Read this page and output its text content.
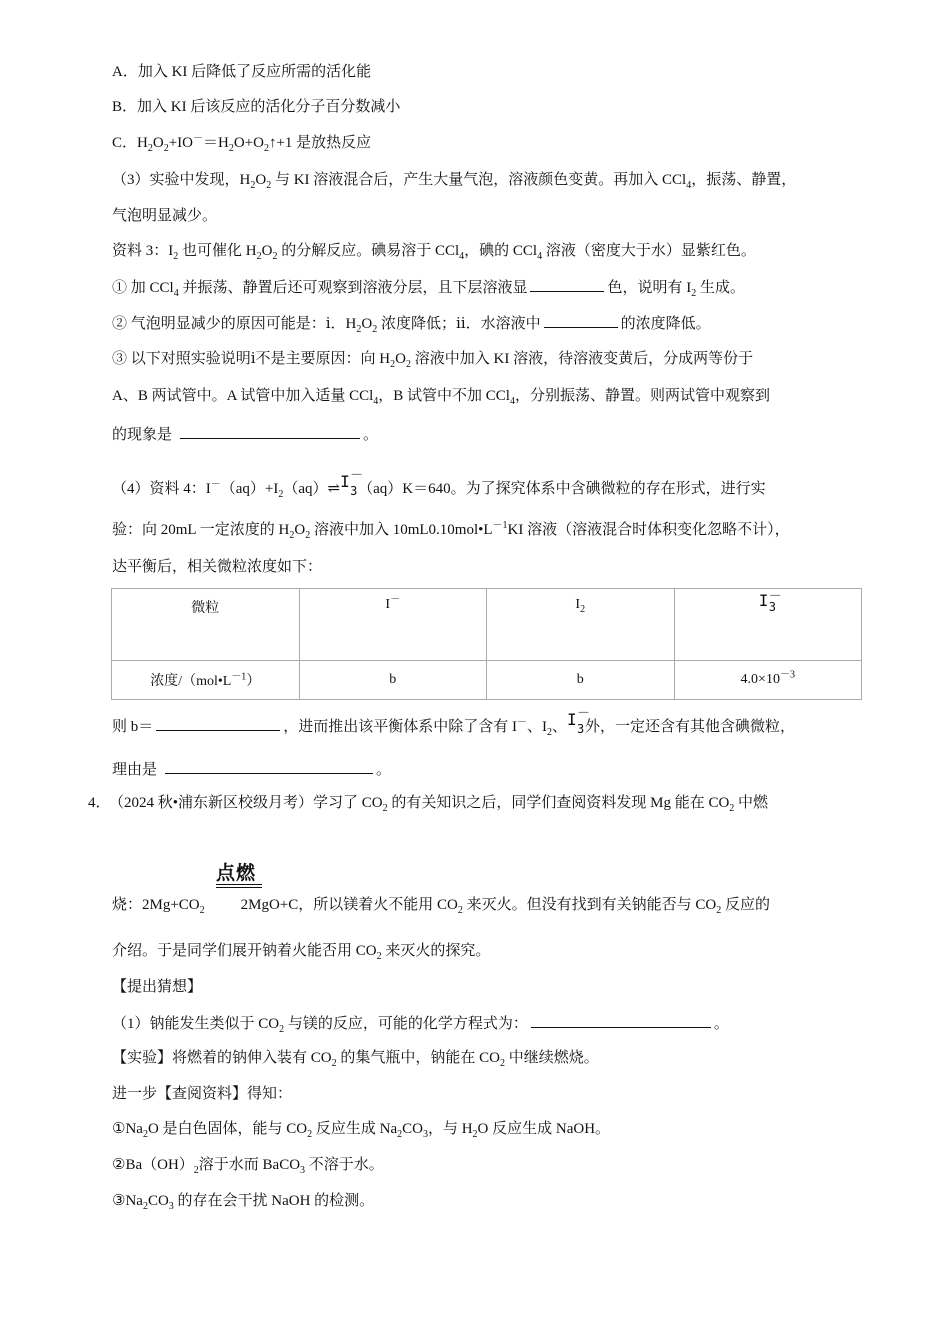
A．加入 KI 后降低了反应所需的活化能
B．加入 KI 后该反应的活化分子百分数减小
C．$H_2O_2+IO^-=H_2O+O_2↑+1$ 是放热反应
（3）实验中发现，$H_2O_2$ 与 KI 溶液混合后，产生大量气泡，溶液颜色变黄。再加入 CCl$_4$，振荡、静置，
气泡明显减少。
资料 3：$I_2$ 也可催化 $H_2O_2$ 的分解反应。碘易溶于 CCl$_4$，碘的 CCl$_4$ 溶液（密度大于水）显紫红色。
① 加 CCl$_4$ 并振荡、静置后还可观察到溶液分层，且下层溶液显	色，说明有 $I_2$ 生成。
② 气泡明显减少的原因可能是：ⅰ．$H_2O_2$ 浓度降低；ⅱ．水溶液中	的浓度降低。
③ 以下对照实验说明ⅰ不是主要原因：向 $H_2O_2$ 溶液中加入 KI 溶液，待溶液变黄后，分成两等份于
A、B 两试管中。A 试管中加入适量 CCl$_4$，B 试管中不加 CCl$_4$，分别振荡、静置。则两试管中观察到
的现象是	。
（4）资料 4：$I^-(aq)+I_2(aq)\rightleftharpoons$ I －
3 （aq）K＝640。为了探究体系中含碘微粒的存在形式，进行实
验：向 20mL 一定浓度的 $H_2O_2$ 溶液中加入 $10mL0.10mol•L^{-1}KI$ 溶液（溶液混合时体积变化忽略不计），
达平衡后，相关微粒浓度如下：
微粒	I－	$I_2$	I －
3

浓度$/(mol•L^{-1})$	b	b	$4.0\times 10^{-3}$
则 b＝	，进而推出该平衡体系中除了含有 I－、$I_2$、 I －
3 外，一定还含有其他含碘微粒，
理由是	。
4． （2024 秋•浦东新区校级月考）学习了 $CO_2$ 的有关知识之后，同学们查阅资料发现 Mg 能在 $CO_2$ 中燃
点燃
烧：$2Mg+CO_2$ 2MgO+C，所以镁着火不能用 $CO_2$ 来灭火。但没有找到有关钠能否与 $CO_2$ 反应的
介绍。于是同学们展开钠着火能否用 $CO_2$ 来灭火的探究。
【提出猜想】
（1）钠能发生类似于 $CO_2$ 与镁的反应，可能的化学方程式为：	。
【实验】将燃着的钠伸入装有 $CO_2$ 的集气瓶中，钠能在 $CO_2$ 中继续燃烧。
进一步【查阅资料】得知：
$①Na_2O$ 是白色固体，能与 $CO_2$ 反应生成 $Na_2CO_3$，与 $H_2O$ 反应生成 NaOH。
$②Ba(OH)_2$溶于水而 BaCO$_3$ 不溶于水。
$③Na_2CO_3$ 的存在会干扰 NaOH 的检测。
